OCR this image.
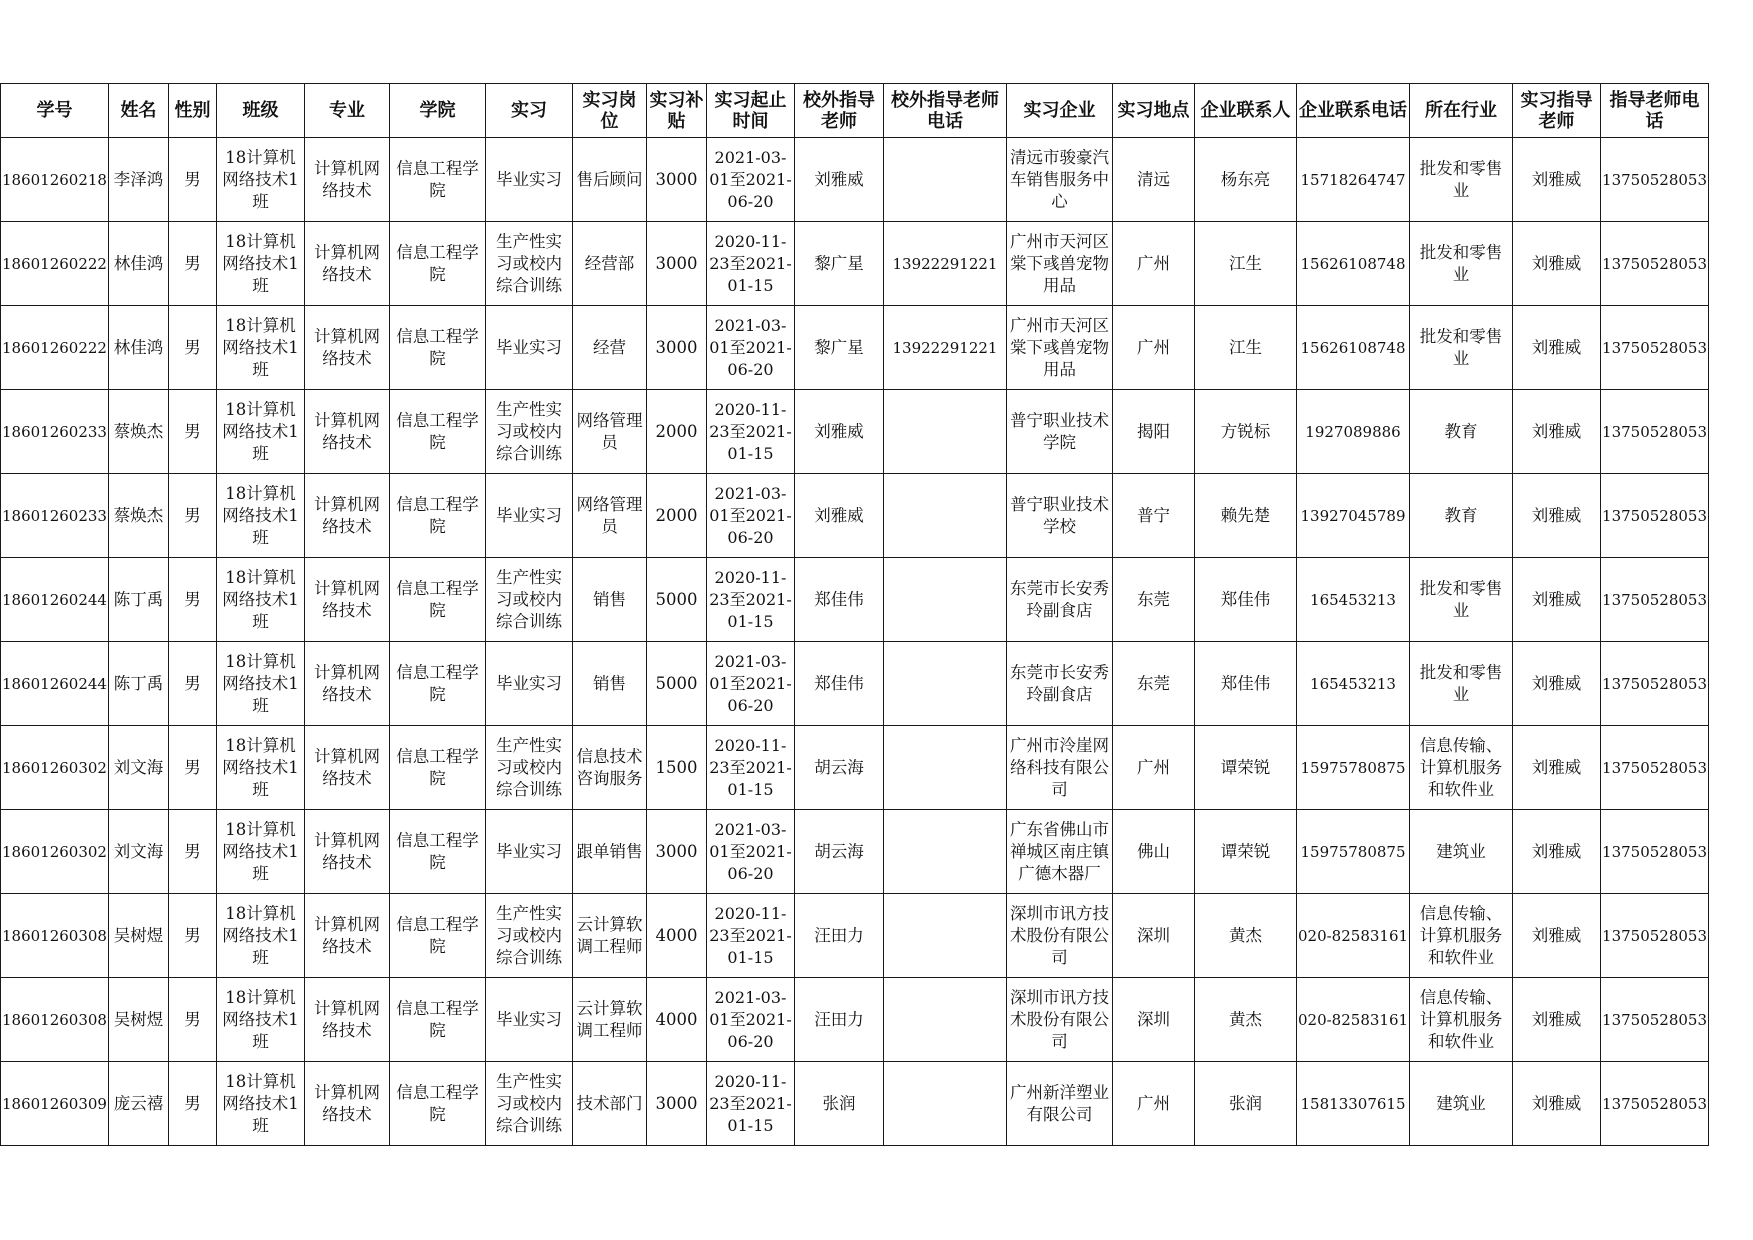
学号	姓名	性别	班级	专业	学院	实习	实习岗位	实习补贴	实习起止时间	校外指导老师	校外指导老师电话	实习企业	实习地点	企业联系人	企业联系电话	所在行业	实习指导老师	指导老师电话

18601260218	李泽鸿	男	18计算机网络技术1班	计算机网络技术	信息工程学院	毕业实习	售后顾问	3000	2021-03-01至2021-06-20	刘雅威		清远市骏豪汽车销售服务中心	清远	杨东亮	15718264747	批发和零售业	刘雅威	13750528053

18601260222	林佳鸿	男	18计算机网络技术1班	计算机网络技术	信息工程学院	生产性实习或校内综合训练	经营部	3000	2020-11-23至2021-01-15	黎广星	13922291221	广州市天河区棠下彧兽宠物用品	广州	江生	15626108748	批发和零售业	刘雅威	13750528053

18601260222	林佳鸿	男	18计算机网络技术1班	计算机网络技术	信息工程学院	毕业实习	经营	3000	2021-03-01至2021-06-20	黎广星	13922291221	广州市天河区棠下彧兽宠物用品	广州	江生	15626108748	批发和零售业	刘雅威	13750528053

18601260233	蔡焕杰	男	18计算机网络技术1班	计算机网络技术	信息工程学院	生产性实习或校内综合训练	网络管理员	2000	2020-11-23至2021-01-15	刘雅威		普宁职业技术学院	揭阳	方锐标	1927089886	教育	刘雅威	13750528053

18601260233	蔡焕杰	男	18计算机网络技术1班	计算机网络技术	信息工程学院	毕业实习	网络管理员	2000	2021-03-01至2021-06-20	刘雅威		普宁职业技术学校	普宁	赖先楚	13927045789	教育	刘雅威	13750528053

18601260244	陈丁禹	男	18计算机网络技术1班	计算机网络技术	信息工程学院	生产性实习或校内综合训练	销售	5000	2020-11-23至2021-01-15	郑佳伟		东莞市长安秀玲副食店	东莞	郑佳伟	165453213	批发和零售业	刘雅威	13750528053

18601260244	陈丁禹	男	18计算机网络技术1班	计算机网络技术	信息工程学院	毕业实习	销售	5000	2021-03-01至2021-06-20	郑佳伟		东莞市长安秀玲副食店	东莞	郑佳伟	165453213	批发和零售业	刘雅威	13750528053

18601260302	刘文海	男	18计算机网络技术1班	计算机网络技术	信息工程学院	生产性实习或校内综合训练	信息技术咨询服务	1500	2020-11-23至2021-01-15	胡云海		广州市泠崖网络科技有限公司	广州	谭荣锐	15975780875	信息传输、计算机服务和软件业	刘雅威	13750528053

18601260302	刘文海	男	18计算机网络技术1班	计算机网络技术	信息工程学院	毕业实习	跟单销售	3000	2021-03-01至2021-06-20	胡云海		广东省佛山市禅城区南庄镇广德木器厂	佛山	谭荣锐	15975780875	建筑业	刘雅威	13750528053

18601260308	吴树煜	男	18计算机网络技术1班	计算机网络技术	信息工程学院	生产性实习或校内综合训练	云计算软调工程师	4000	2020-11-23至2021-01-15	汪田力		深圳市讯方技术股份有限公司	深圳	黄杰	020-82583161	信息传输、计算机服务和软件业	刘雅威	13750528053

18601260308	吴树煜	男	18计算机网络技术1班	计算机网络技术	信息工程学院	毕业实习	云计算软调工程师	4000	2021-03-01至2021-06-20	汪田力		深圳市讯方技术股份有限公司	深圳	黄杰	020-82583161	信息传输、计算机服务和软件业	刘雅威	13750528053

18601260309	庞云禧	男	18计算机网络技术1班	计算机网络技术	信息工程学院	生产性实习或校内综合训练	技术部门	3000	2020-11-23至2021-01-15	张润		广州新洋塑业有限公司	广州	张润	15813307615	建筑业	刘雅威	13750528053
